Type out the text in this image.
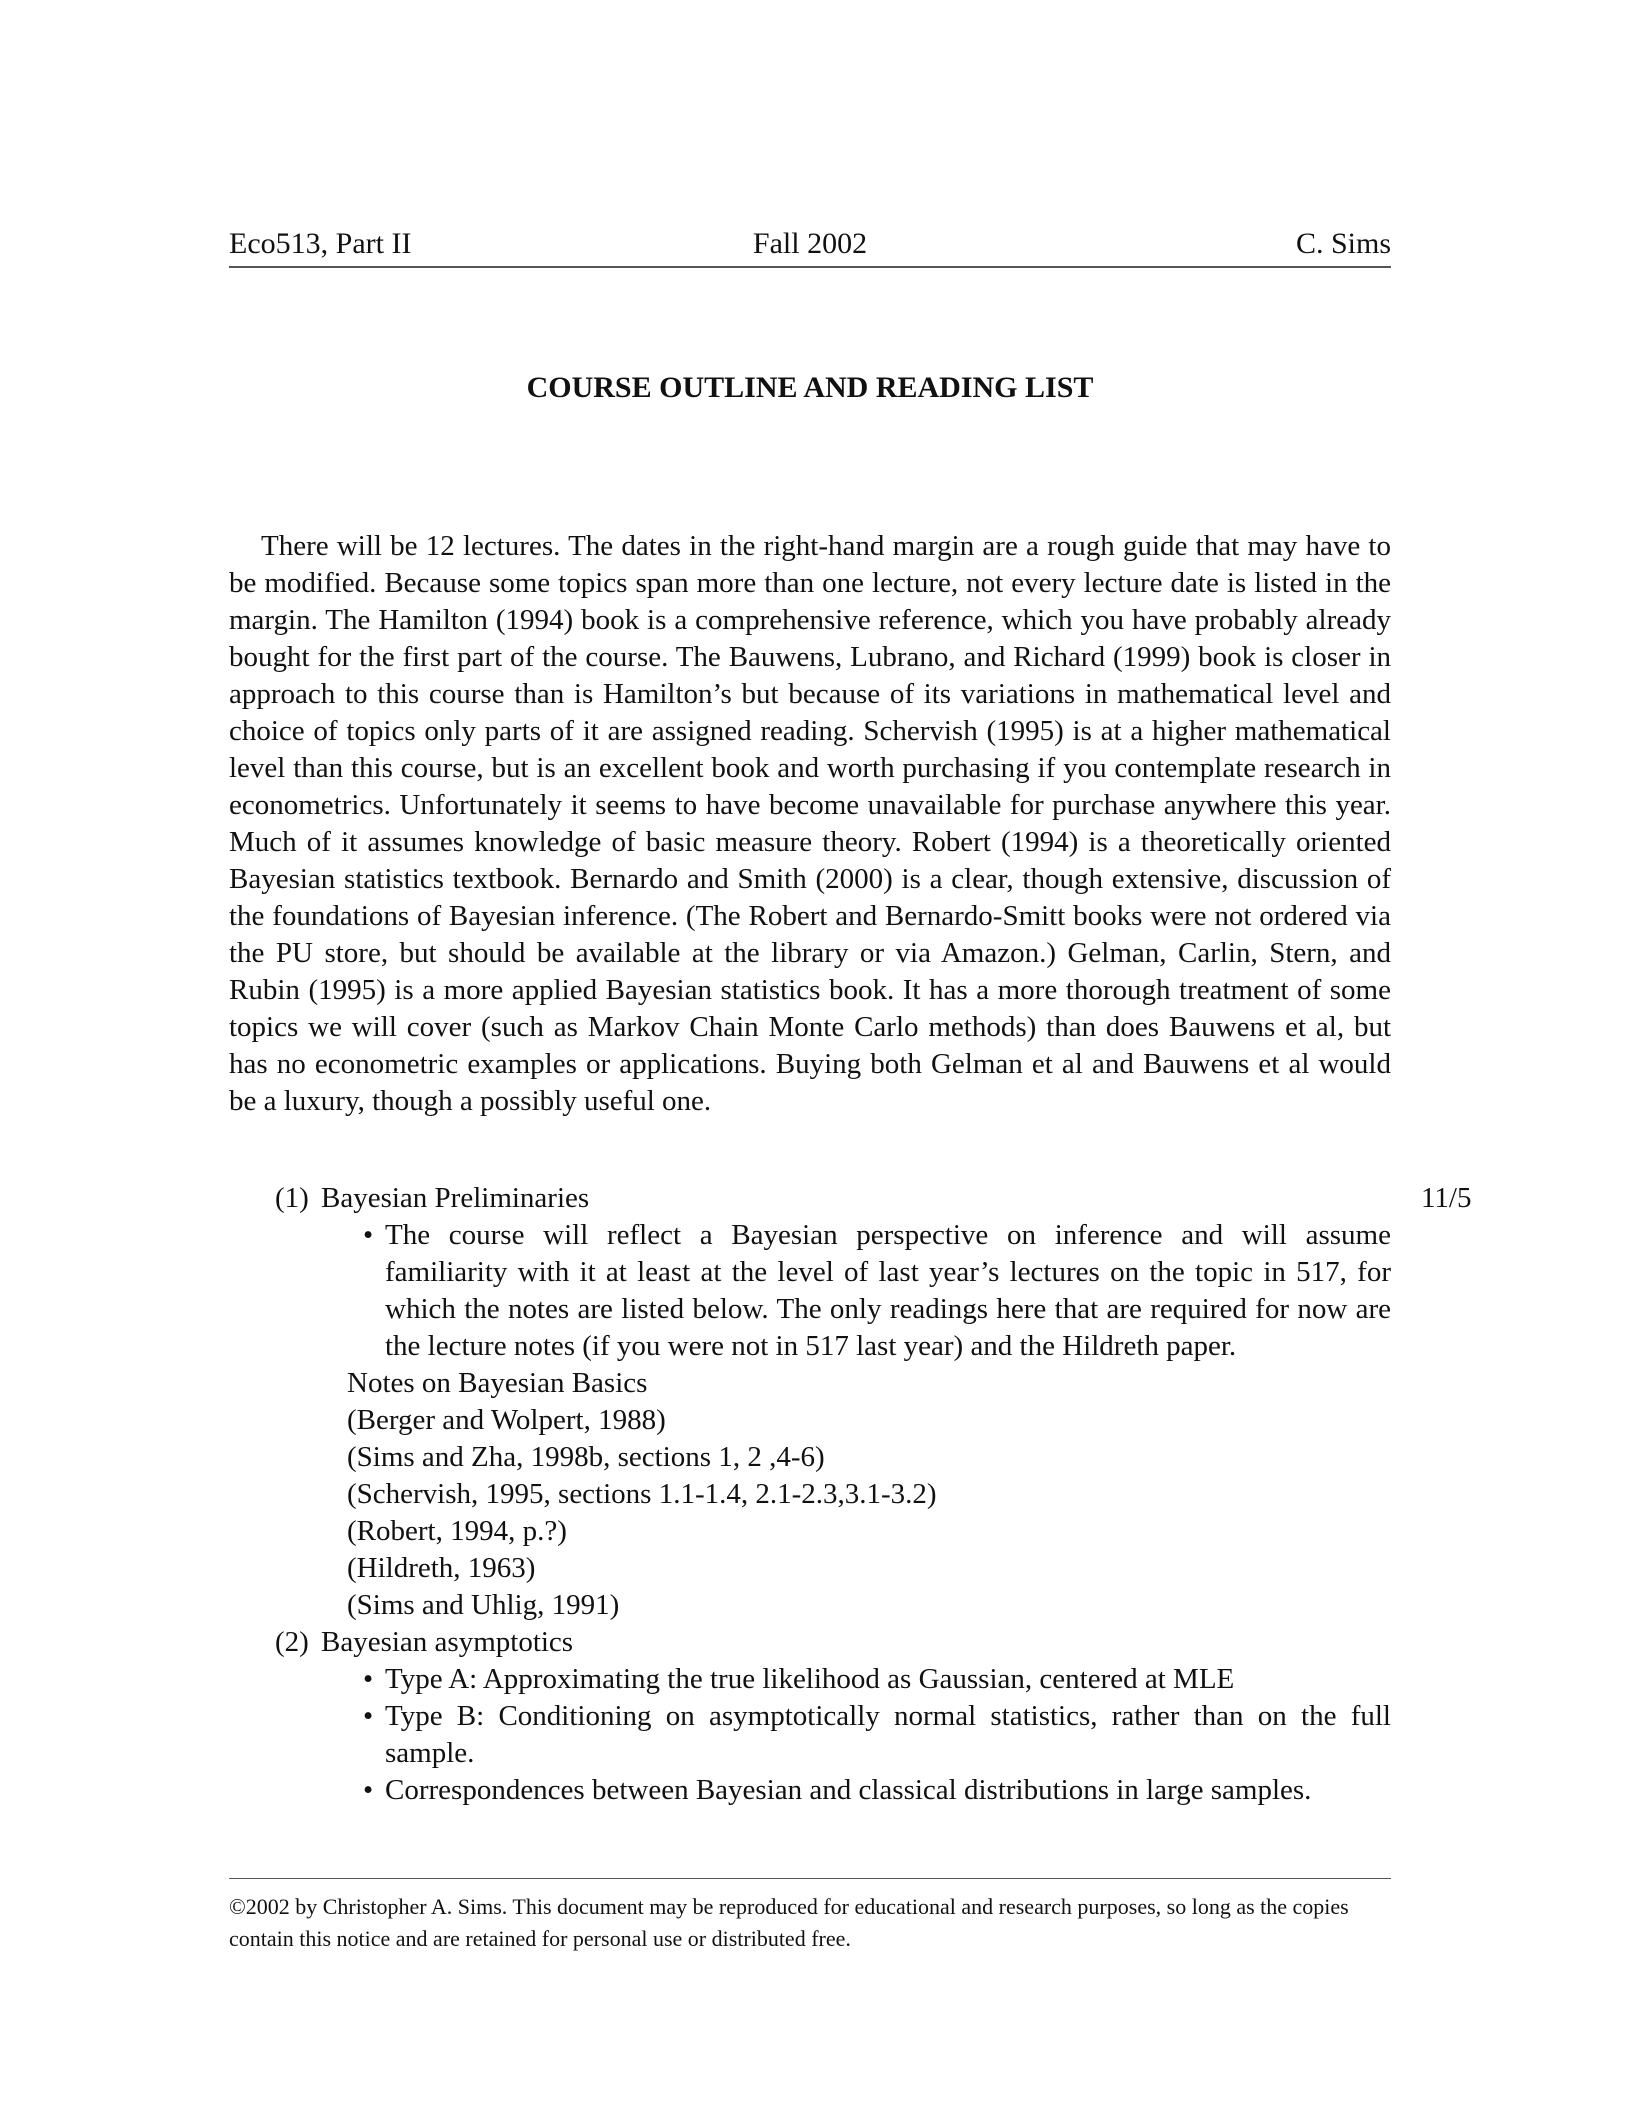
Eco513, Part II	Fall 2002	C. Sims
COURSE OUTLINE AND READING LIST

There will be 12 lectures. The dates in the right-hand margin are a rough guide that may have to be modified. Because some topics span more than one lecture, not every lecture date is listed in the margin. The Hamilton (1994) book is a comprehensive reference, which you have probably already bought for the first part of the course. The Bauwens, Lubrano, and Richard (1999) book is closer in approach to this course than is Hamilton’s but because of its variations in mathematical level and choice of topics only parts of it are assigned reading. Schervish (1995) is at a higher mathematical level than this course, but is an excellent book and worth purchasing if you contemplate research in econometrics. Unfortunately it seems to have become unavailable for purchase anywhere this year. Much of it assumes knowledge of basic measure theory. Robert (1994) is a theoretically oriented Bayesian statistics textbook. Bernardo and Smith (2000) is a clear, though extensive, discussion of the foundations of Bayesian inference. (The Robert and Bernardo-Smitt books were not ordered via the PU store, but should be available at the library or via Amazon.) Gelman, Carlin, Stern, and Rubin (1995) is a more applied Bayesian statistics book. It has a more thorough treatment of some topics we will cover (such as Markov Chain Monte Carlo methods) than does Bauwens et al, but has no econometric examples or applications. Buying both Gelman et al and Bauwens et al would be a luxury, though a possibly useful one.

(1) Bayesian Preliminaries	11/5
• The course will reflect a Bayesian perspective on inference and will assume familiarity with it at least at the level of last year’s lectures on the topic in 517, for which the notes are listed below. The only readings here that are required for now are the lecture notes (if you were not in 517 last year) and the Hildreth paper.
Notes on Bayesian Basics
(Berger and Wolpert, 1988)
(Sims and Zha, 1998b, sections 1, 2 ,4-6)
(Schervish, 1995, sections 1.1-1.4, 2.1-2.3,3.1-3.2)
(Robert, 1994, p.?)
(Hildreth, 1963)
(Sims and Uhlig, 1991)
(2) Bayesian asymptotics
• Type A: Approximating the true likelihood as Gaussian, centered at MLE
• Type B: Conditioning on asymptotically normal statistics, rather than on the full sample.
• Correspondences between Bayesian and classical distributions in large samples.
©2002 by Christopher A. Sims. This document may be reproduced for educational and research purposes, so long as the copies contain this notice and are retained for personal use or distributed free.
